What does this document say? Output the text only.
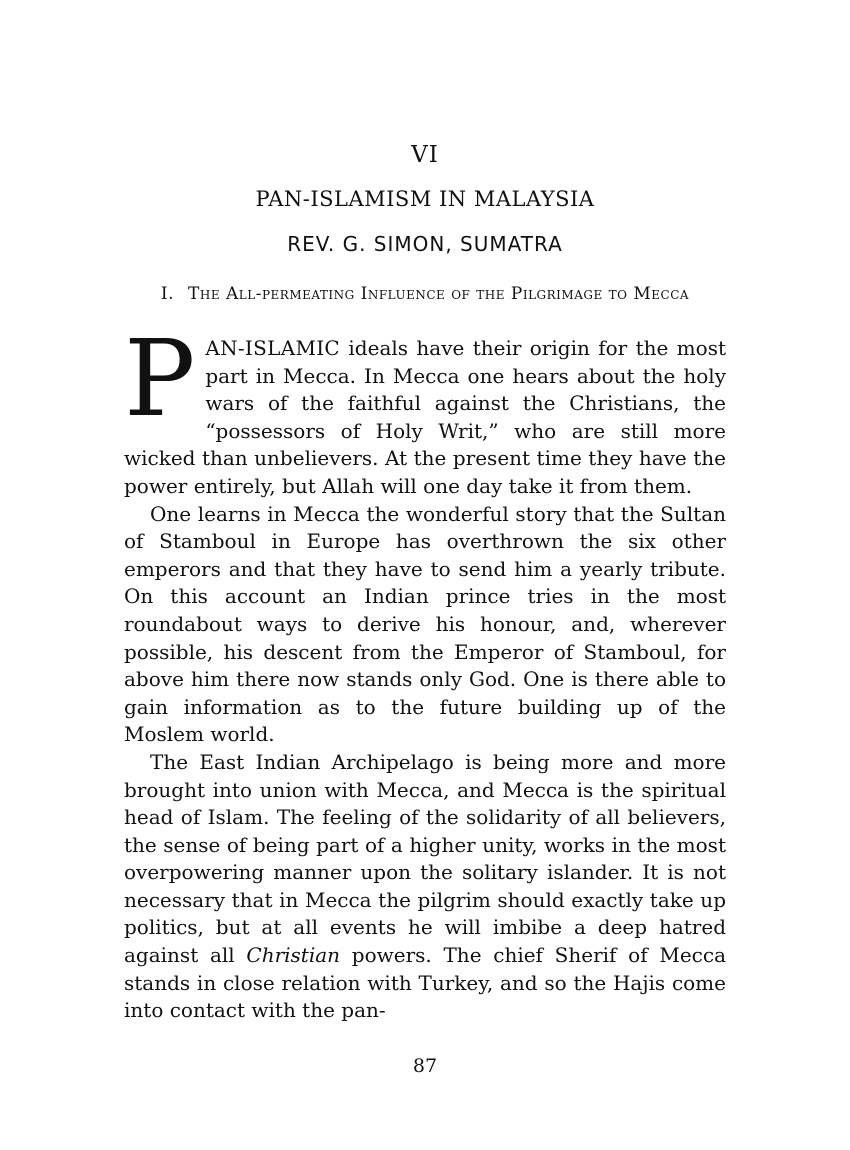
VI
PAN-ISLAMISM IN MALAYSIA
REV. G. SIMON, SUMATRA
I. The All-permeating Influence of the Pilgrimage to Mecca

PAN-ISLAMIC ideals have their origin for the most part in Mecca. In Mecca one hears about the holy wars of the faithful against the Christians, the “possessors of Holy Writ,” who are still more wicked than unbelievers. At the present time they have the power entirely, but Allah will one day take it from them.

One learns in Mecca the wonderful story that the Sultan of Stamboul in Europe has overthrown the six other emperors and that they have to send him a yearly tribute. On this account an Indian prince tries in the most roundabout ways to derive his honour, and, wherever possible, his descent from the Emperor of Stamboul, for above him there now stands only God. One is there able to gain information as to the future building up of the Moslem world.

The East Indian Archipelago is being more and more brought into union with Mecca, and Mecca is the spiritual head of Islam. The feeling of the solidarity of all believers, the sense of being part of a higher unity, works in the most overpowering manner upon the solitary islander. It is not necessary that in Mecca the pilgrim should exactly take up politics, but at all events he will imbibe a deep hatred against all Christian powers. The chief Sherif of Mecca stands in close relation with Turkey, and so the Hajis come into contact with the pan-

87
